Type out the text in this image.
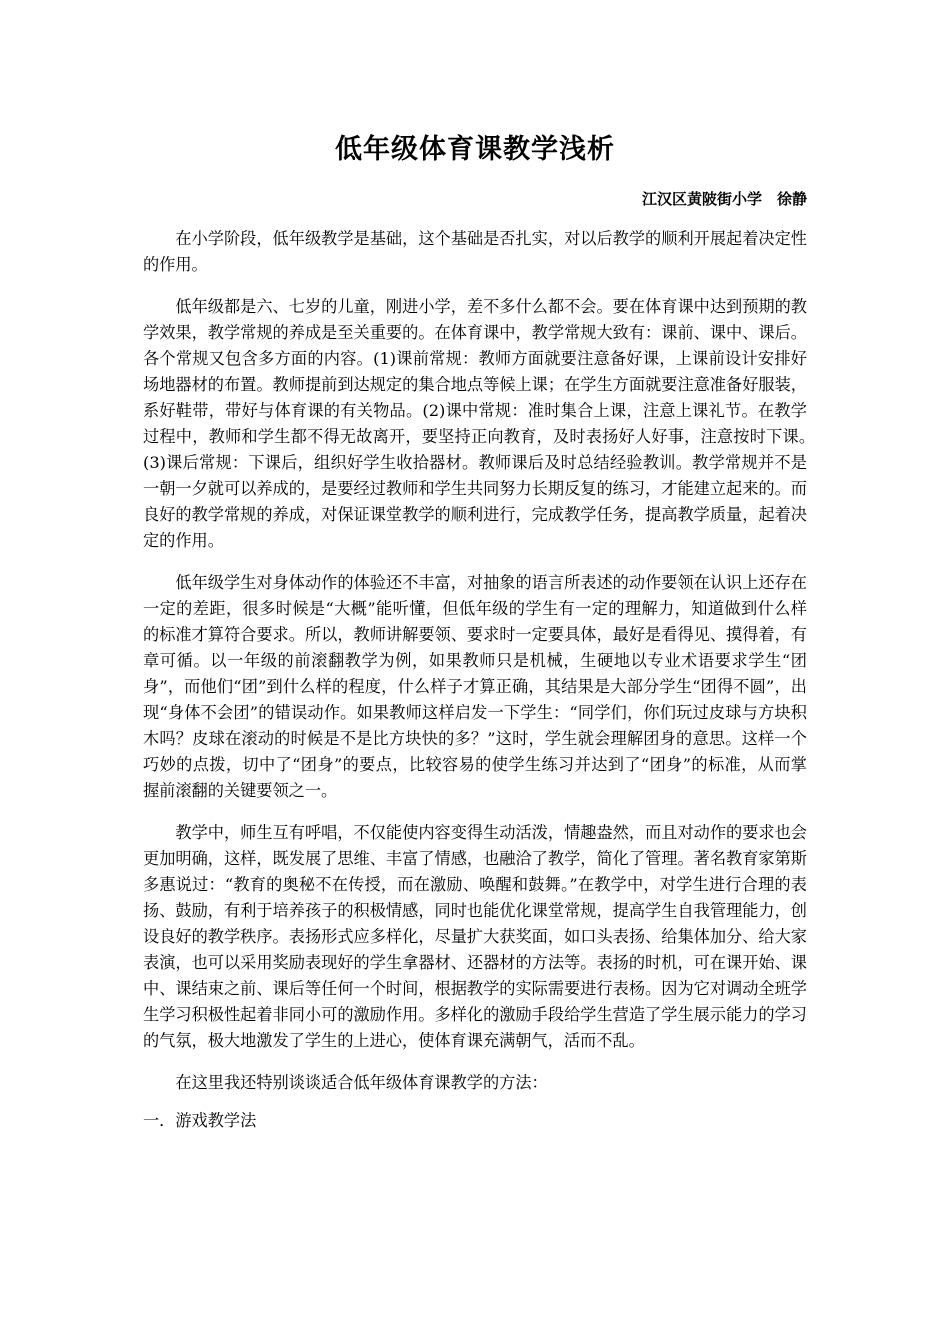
低年级体育课教学浅析
江汉区黄陂街小学　徐静

在小学阶段，低年级教学是基础，这个基础是否扎实，对以后教学的顺利开展起着决定性的作用。

低年级都是六、七岁的儿童，刚进小学，差不多什么都不会。要在体育课中达到预期的教学效果，教学常规的养成是至关重要的。在体育课中，教学常规大致有：课前、课中、课后。各个常规又包含多方面的内容。(1)课前常规：教师方面就要注意备好课，上课前设计安排好场地器材的布置。教师提前到达规定的集合地点等候上课；在学生方面就要注意准备好服装，系好鞋带，带好与体育课的有关物品。(2)课中常规：准时集合上课，注意上课礼节。在教学过程中，教师和学生都不得无故离开，要坚持正向教育，及时表扬好人好事，注意按时下课。　(3)课后常规：下课后，组织好学生收拾器材。教师课后及时总结经验教训。教学常规并不是一朝一夕就可以养成的，是要经过教师和学生共同努力长期反复的练习，才能建立起来的。而良好的教学常规的养成，对保证课堂教学的顺利进行，完成教学任务，提高教学质量，起着决定的作用。

低年级学生对身体动作的体验还不丰富，对抽象的语言所表述的动作要领在认识上还存在一定的差距，很多时候是“大概”能听懂，但低年级的学生有一定的理解力，知道做到什么样的标准才算符合要求。所以，教师讲解要领、要求时一定要具体，最好是看得见、摸得着，有章可循。以一年级的前滚翻教学为例，如果教师只是机械，生硬地以专业术语要求学生“团身”，而他们“团”到什么样的程度，什么样子才算正确，其结果是大部分学生“团得不圆”，出现“身体不会团”的错误动作。如果教师这样启发一下学生：“同学们，你们玩过皮球与方块积木吗？皮球在滚动的时候是不是比方块快的多？”这时，学生就会理解团身的意思。这样一个巧妙的点拨，切中了“团身”的要点，比较容易的使学生练习并达到了“团身”的标准，从而掌握前滚翻的关键要领之一。

教学中，师生互有呼唱，不仅能使内容变得生动活泼，情趣盎然，而且对动作的要求也会更加明确，这样，既发展了思维、丰富了情感，也融洽了教学，简化了管理。著名教育家第斯多惠说过：“教育的奥秘不在传授，而在激励、唤醒和鼓舞。”在教学中，对学生进行合理的表扬、鼓励，有利于培养孩子的积极情感，同时也能优化课堂常规，提高学生自我管理能力，创设良好的教学秩序。表扬形式应多样化，尽量扩大获奖面，如口头表扬、给集体加分、给大家表演，也可以采用奖励表现好的学生拿器材、还器材的方法等。表扬的时机，可在课开始、课中、课结束之前、课后等任何一个时间，根据教学的实际需要进行表杨。因为它对调动全班学生学习积极性起着非同小可的激励作用。多样化的激励手段给学生营造了学生展示能力的学习的气氛，极大地激发了学生的上进心，使体育课充满朝气，活而不乱。

在这里我还特别谈谈适合低年级体育课教学的方法：

一．游戏教学法
